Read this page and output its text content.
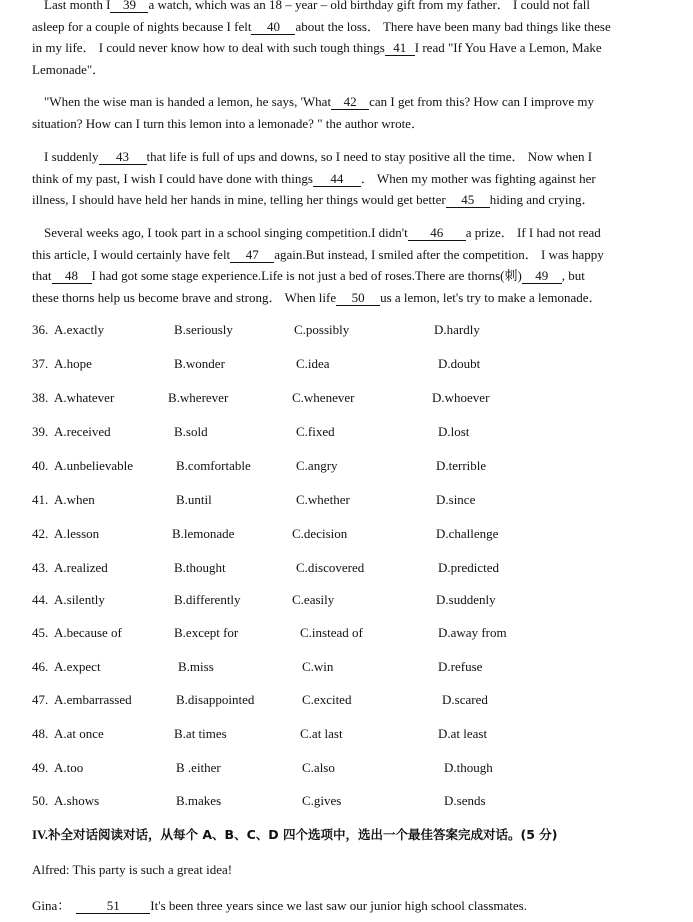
Last month I 39 a watch, which was an 18 – year – old birthday gift from my father． I could not fall
asleep for a couple of nights because I felt 40 about the loss． There have been many bad things like these
in my life． I could never know how to deal with such tough things 41 I read "If You Have a Lemon, Make
Lemonade"．

"When the wise man is handed a lemon, he says, 'What 42 can I get from this? How can I improve my
situation? How can I turn this lemon into a lemonade? " the author wrote．

I suddenly 43 that life is full of ups and downs, so I need to stay positive all the time． Now when I
think of my past, I wish I could have done with things 44 ． When my mother was fighting against her
illness, I should have held her hands in mine, telling her things would get better 45 hiding and crying．

Several weeks ago, I took part in a school singing competition.I didn't 46 a prize． If I had not read
this article, I would certainly have felt 47 again.But instead, I smiled after the competition． I was happy
that 48 I had got some stage experience.Life is not just a bed of roses.There are thorns(刺) 49 , but
these thorns help us become brave and strong． When life 50 us a lemon, let's try to make a lemonade．

36. A.exactly	B.seriously	C.possibly	D.hardly
37. A.hope	B.wonder	C.idea	D.doubt
38. A.whatever	B.wherever	C.whenever	D.whoever
39. A.received	B.sold	C.fixed	D.lost
40. A.unbelievable	B.comfortable	C.angry	D.terrible
41. A.when	B.until	C.whether	D.since
42. A.lesson	B.lemonade	C.decision	D.challenge
43. A.realized	B.thought	C.discovered	D.predicted
44. A.silently	B.differently	C.easily	D.suddenly
45. A.because of	B.except for	C.instead of	D.away from
46. A.expect	B.miss	C.win	D.refuse
47. A.embarrassed	B.disappointed	C.excited	D.scared
48. A.at once	B.at times	C.at last	D.at least
49. A.too	B .either	C.also	D.though
50. A.shows	B.makes	C.gives	D.sends
IV.补全对话阅读对话，从每个 A、B、C、D 四个选项中，选出一个最佳答案完成对话。(5 分)
Alfred: This party is such a great idea!
Gina：	51 It's been three years since we last saw our junior high school classmates.
